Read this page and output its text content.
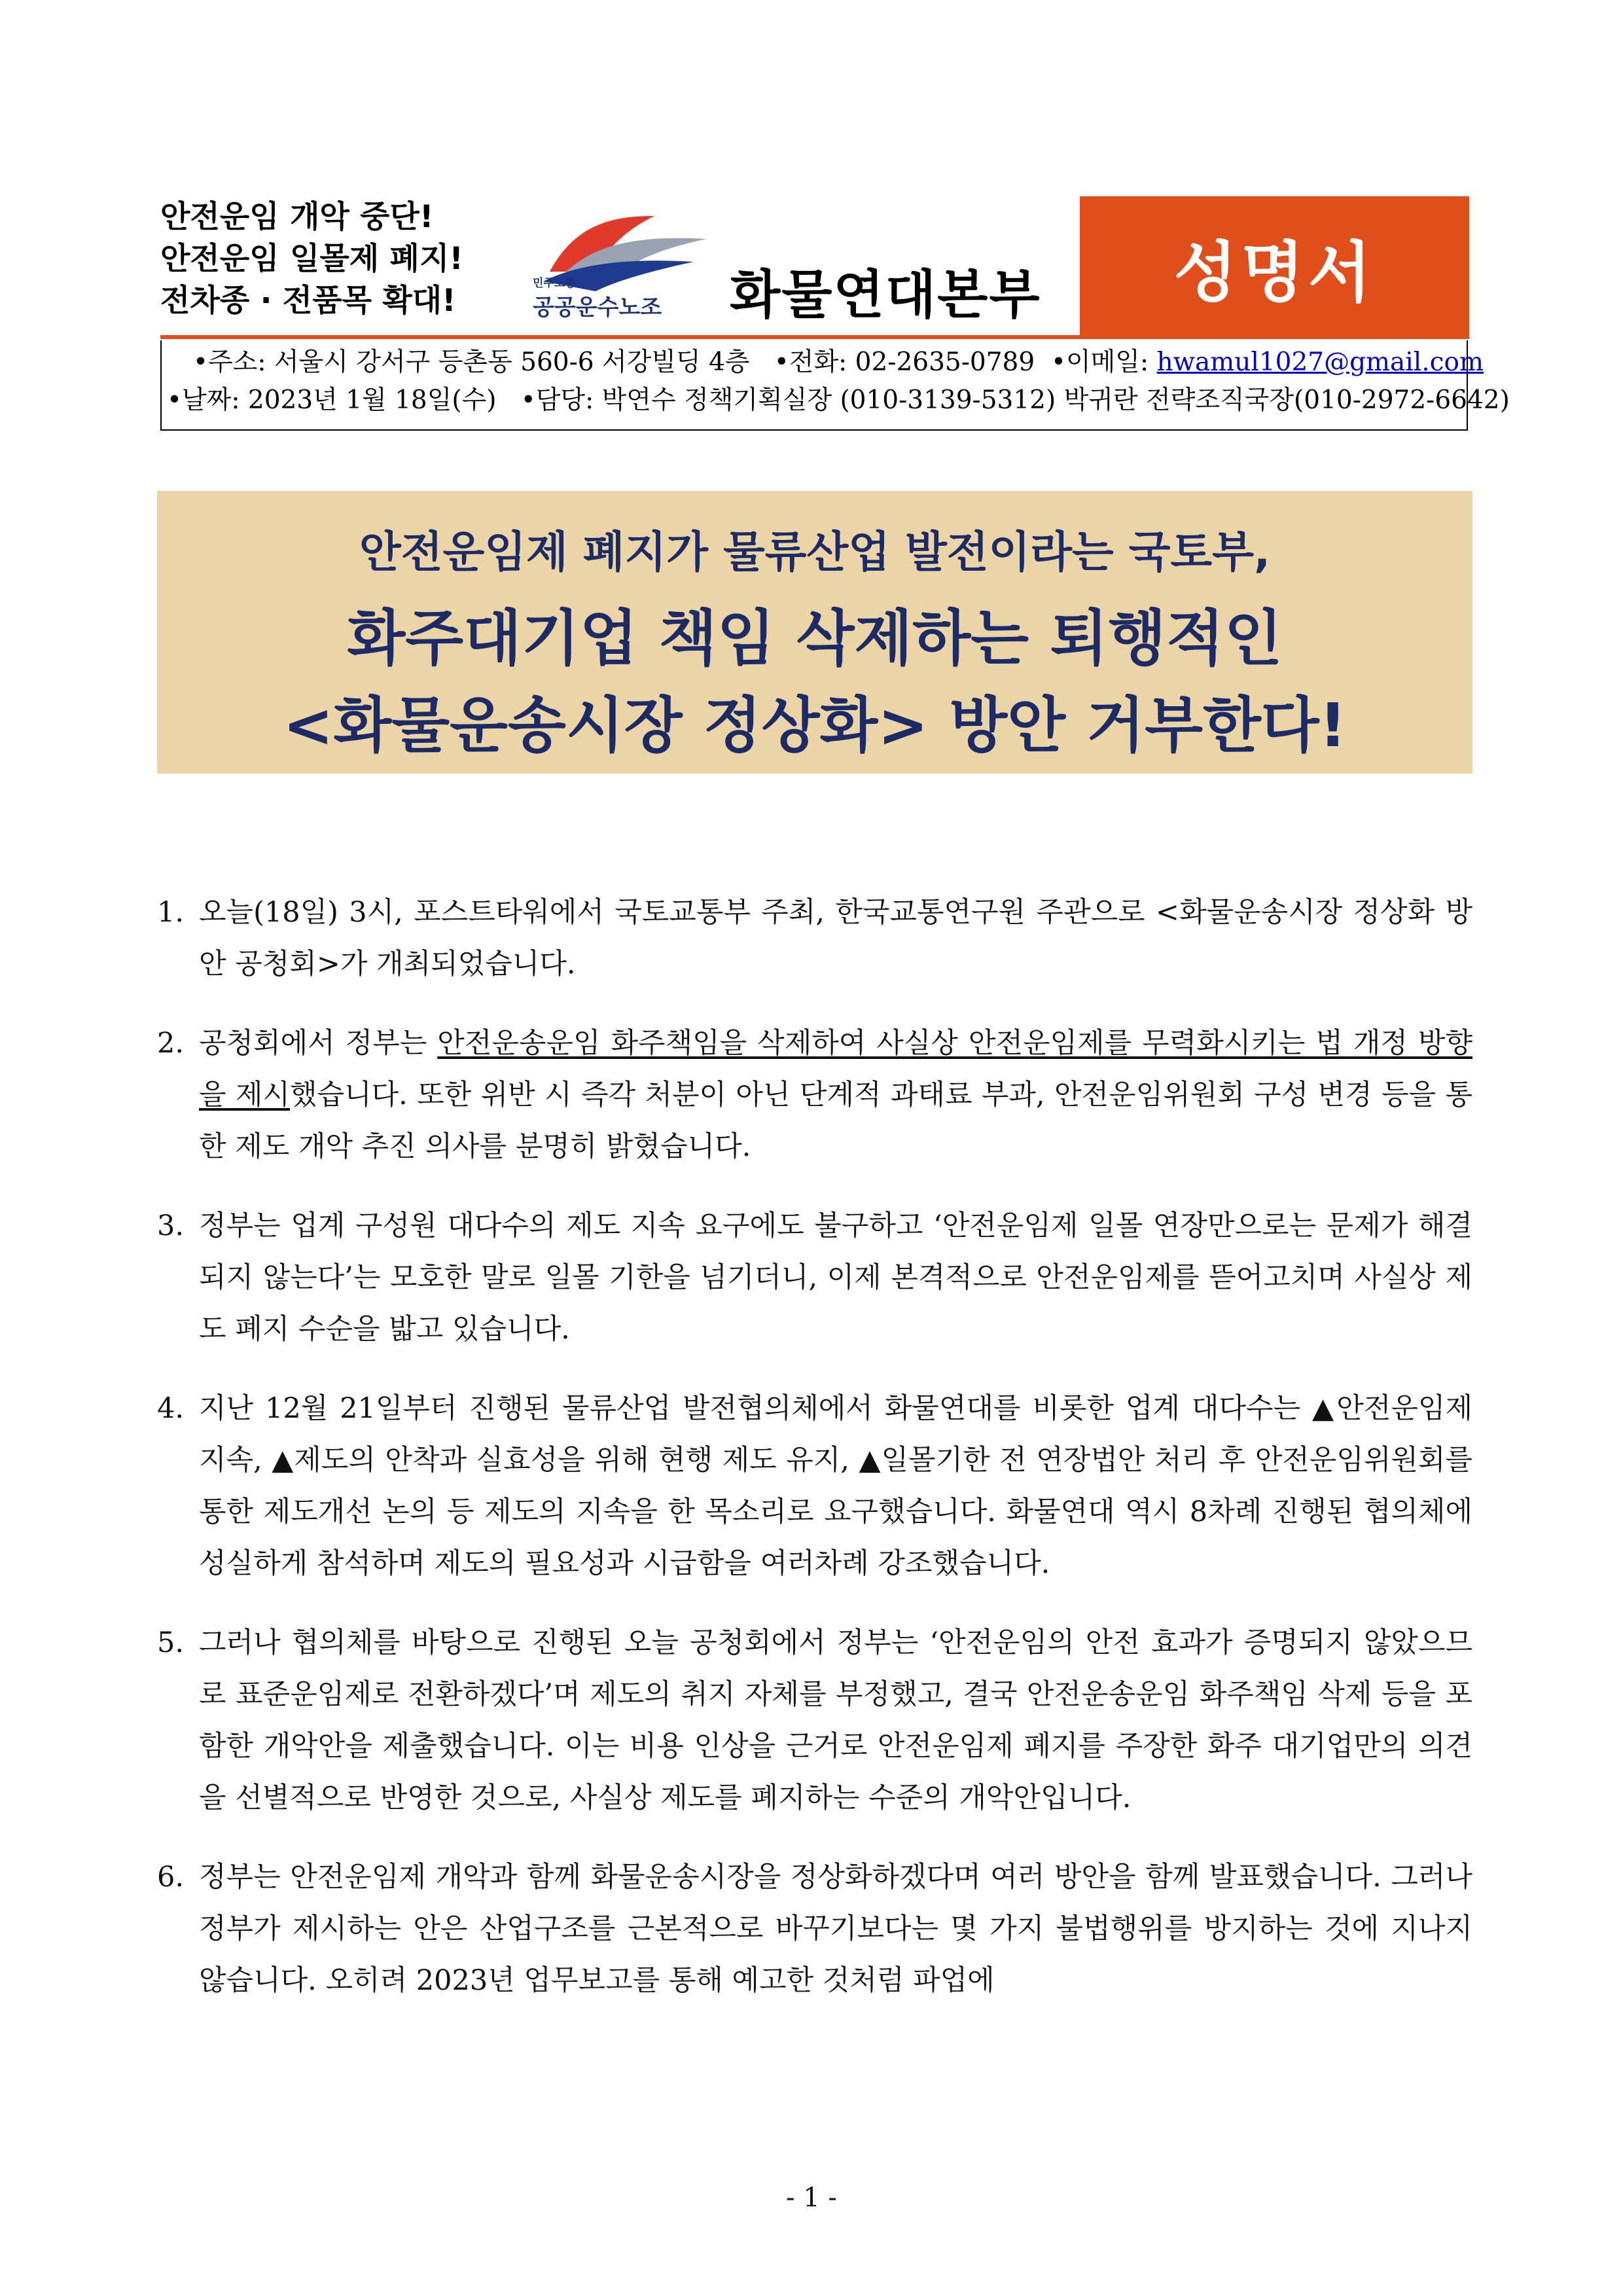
안전운임 개악 중단!
안전운임 일몰제 폐지!
전차종 · 전품목 확대!	민주노총
공공운수노조 화물연대본부 성명서
•주소: 서울시 강서구 등촌동 560-6 서강빌딩 4층 •전화: 02-2635-0789 •이메일: hwamul1027@gmail.com
•날짜: 2023년 1월 18일(수) •담당: 박연수 정책기획실장 (010-3139-5312) 박귀란 전략조직국장(010-2972-6642)
안전운임제 폐지가 물류산업 발전이라는 국토부,
화주대기업 책임 삭제하는 퇴행적인
<화물운송시장 정상화> 방안 거부한다!
1. 오늘(18일) 3시, 포스트타워에서 국토교통부 주최, 한국교통연구원 주관으로 <화물운송시장 정상화 방안 공청회>가 개최되었습니다.
2. 공청회에서 정부는 안전운송운임 화주책임을 삭제하여 사실상 안전운임제를 무력화시키는 법 개정 방향을 제시했습니다. 또한 위반 시 즉각 처분이 아닌 단계적 과태료 부과, 안전운임위원회 구성 변경 등을 통한 제도 개악 추진 의사를 분명히 밝혔습니다.
3. 정부는 업계 구성원 대다수의 제도 지속 요구에도 불구하고 ‘안전운임제 일몰 연장만으로는 문제가 해결되지 않는다’는 모호한 말로 일몰 기한을 넘기더니, 이제 본격적으로 안전운임제를 뜯어고치며 사실상 제도 폐지 수순을 밟고 있습니다.
4. 지난 12월 21일부터 진행된 물류산업 발전협의체에서 화물연대를 비롯한 업계 대다수는 ▲안전운임제 지속, ▲제도의 안착과 실효성을 위해 현행 제도 유지, ▲일몰기한 전 연장법안 처리 후 안전운임위원회를 통한 제도개선 논의 등 제도의 지속을 한 목소리로 요구했습니다. 화물연대 역시 8차례 진행된 협의체에 성실하게 참석하며 제도의 필요성과 시급함을 여러차례 강조했습니다.
5. 그러나 협의체를 바탕으로 진행된 오늘 공청회에서 정부는 ‘안전운임의 안전 효과가 증명되지 않았으므로 표준운임제로 전환하겠다’며 제도의 취지 자체를 부정했고, 결국 안전운송운임 화주책임 삭제 등을 포함한 개악안을 제출했습니다. 이는 비용 인상을 근거로 안전운임제 폐지를 주장한 화주 대기업만의 의견을 선별적으로 반영한 것으로, 사실상 제도를 폐지하는 수준의 개악안입니다.
6. 정부는 안전운임제 개악과 함께 화물운송시장을 정상화하겠다며 여러 방안을 함께 발표했습니다. 그러나 정부가 제시하는 안은 산업구조를 근본적으로 바꾸기보다는 몇 가지 불법행위를 방지하는 것에 지나지 않습니다. 오히려 2023년 업무보고를 통해 예고한 것처럼 파업에
- 1 -
